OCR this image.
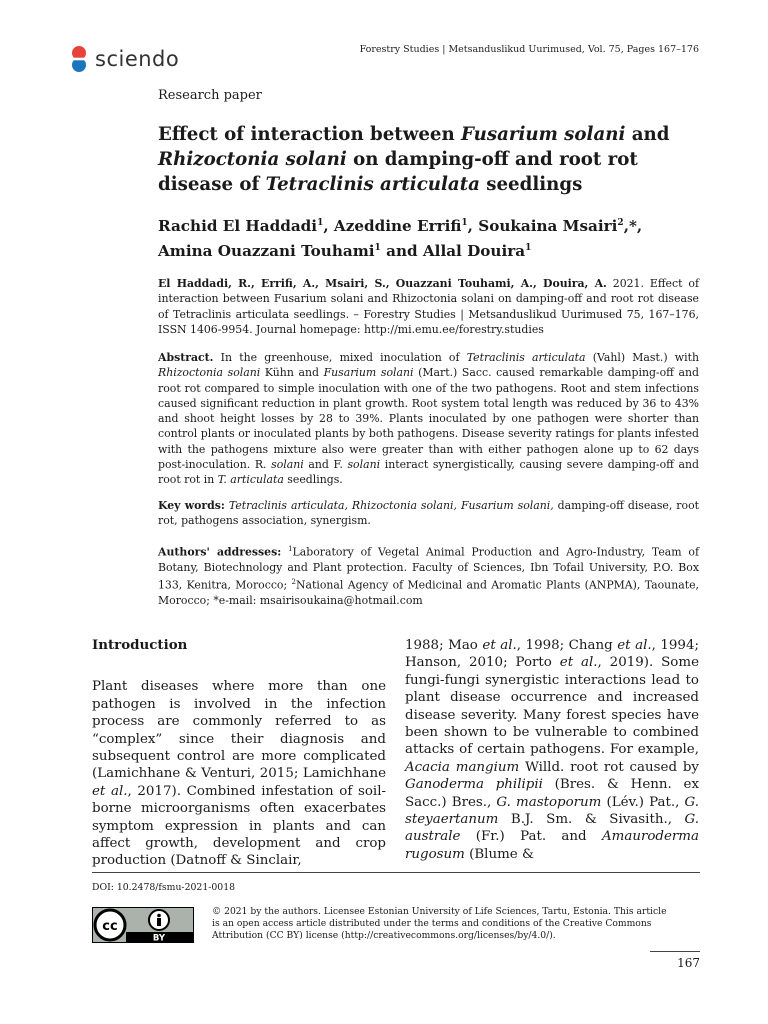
sciendo	Forestry Studies | Metsanduslikud Uurimused, Vol. 75, Pages 167–176
Research paper
Effect of interaction between Fusarium solani and Rhizoctonia solani on damping-off and root rot disease of Tetraclinis articulata seedlings
Rachid El Haddadi$^1$, Azeddine Errifi$^1$, Soukaina Msairi$^2$,*,
Amina Ouazzani Touhami$^1$ and Allal Douira$^1$
El Haddadi, R., Errifi, A., Msairi, S., Ouazzani Touhami, A., Douira, A. 2021. Effect of interaction between Fusarium solani and Rhizoctonia solani on damping-off and root rot disease of Tetraclinis articulata seedlings. – Forestry Studies | Metsanduslikud Uurimused 75, 167–176, ISSN 1406-9954. Journal homepage: http://mi.emu.ee/forestry.studies
Abstract. In the greenhouse, mixed inoculation of Tetraclinis articulata (Vahl) Mast.) with Rhizoctonia solani Kühn and Fusarium solani (Mart.) Sacc. caused remarkable damping-off and root rot compared to simple inoculation with one of the two pathogens. Root and stem infections caused significant reduction in plant growth. Root system total length was reduced by 36 to 43% and shoot height losses by 28 to 39%. Plants inoculated by one pathogen were shorter than control plants or inoculated plants by both pathogens. Disease severity ratings for plants infested with the pathogens mixture also were greater than with either pathogen alone up to 62 days post-inoculation. R. solani and F. solani interact synergistically, causing severe damping-off and root rot in T. articulata seedlings.
Key words: Tetraclinis articulata, Rhizoctonia solani, Fusarium solani, damping-off disease, root rot, pathogens association, synergism.
Authors' addresses: $^1$Laboratory of Vegetal Animal Production and Agro-Industry, Team of Botany, Biotechnology and Plant protection. Faculty of Sciences, Ibn Tofail University, P.O. Box 133, Kenitra, Morocco; $^2$National Agency of Medicinal and Aromatic Plants (ANPMA), Taounate, Morocco; *e-mail: msairisoukaina@hotmail.com
Introduction

Plant diseases where more than one pathogen is involved in the infection process are commonly referred to as “complex” since their diagnosis and subsequent control are more complicated (Lamichhane & Venturi, 2015; Lamichhane et al., 2017). Combined infestation of soil-borne microorganisms often exacerbates symptom expression in plants and can affect growth, development and crop production (Datnoff & Sinclair,

1988; Mao et al., 1998; Chang et al., 1994; Hanson, 2010; Porto et al., 2019). Some fungi-fungi synergistic interactions lead to plant disease occurrence and increased disease severity. Many forest species have been shown to be vulnerable to combined attacks of certain pathogens. For example, Acacia mangium Willd. root rot caused by Ganoderma philipii (Bres. & Henn. ex Sacc.) Bres., G. mastoporum (Lév.) Pat., G. steyaertanum B.J. Sm. & Sivasith., G. australe (Fr.) Pat. and Amauroderma rugosum (Blume &

DOI: 10.2478/fsmu-2021-0018
cc
BY
© 2021 by the authors. Licensee Estonian University of Life Sciences, Tartu, Estonia. This article is an open access article distributed under the terms and conditions of the Creative Commons Attribution (CC BY) license (http://creativecommons.org/licenses/by/4.0/).
167
